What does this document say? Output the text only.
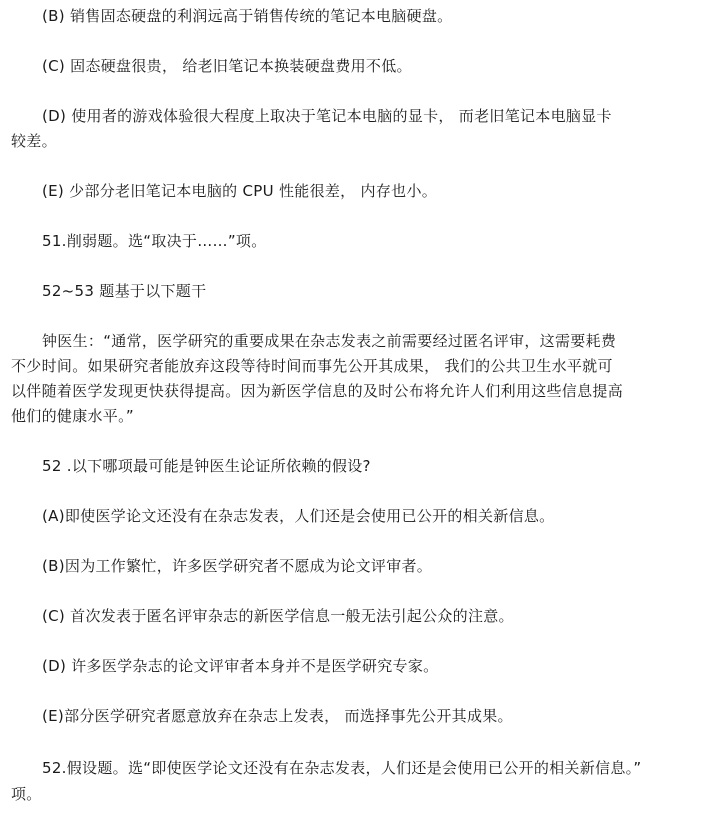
(B) 销售固态硬盘的利润远高于销售传统的笔记本电脑硬盘。
(C) 固态硬盘很贵， 给老旧笔记本换装硬盘费用不低。
(D) 使用者的游戏体验很大程度上取决于笔记本电脑的显卡， 而老旧笔记本电脑显卡
较差。
(E) 少部分老旧笔记本电脑的 CPU 性能很差， 内存也小。
51.削弱题。选“取决于……”项。
52~53 题基于以下题干
钟医生：“通常，医学研究的重要成果在杂志发表之前需要经过匿名评审，这需要耗费
不少时间。如果研究者能放弃这段等待时间而事先公开其成果， 我们的公共卫生水平就可
以伴随着医学发现更快获得提高。因为新医学信息的及时公布将允许人们利用这些信息提高
他们的健康水平。”
52 .以下哪项最可能是钟医生论证所依赖的假设?
(A)即使医学论文还没有在杂志发表，人们还是会使用已公开的相关新信息。
(B)因为工作繁忙，许多医学研究者不愿成为论文评审者。
(C) 首次发表于匿名评审杂志的新医学信息一般无法引起公众的注意。
(D) 许多医学杂志的论文评审者本身并不是医学研究专家。
(E)部分医学研究者愿意放弃在杂志上发表， 而选择事先公开其成果。
52.假设题。选“即使医学论文还没有在杂志发表，人们还是会使用已公开的相关新信息。”
项。
